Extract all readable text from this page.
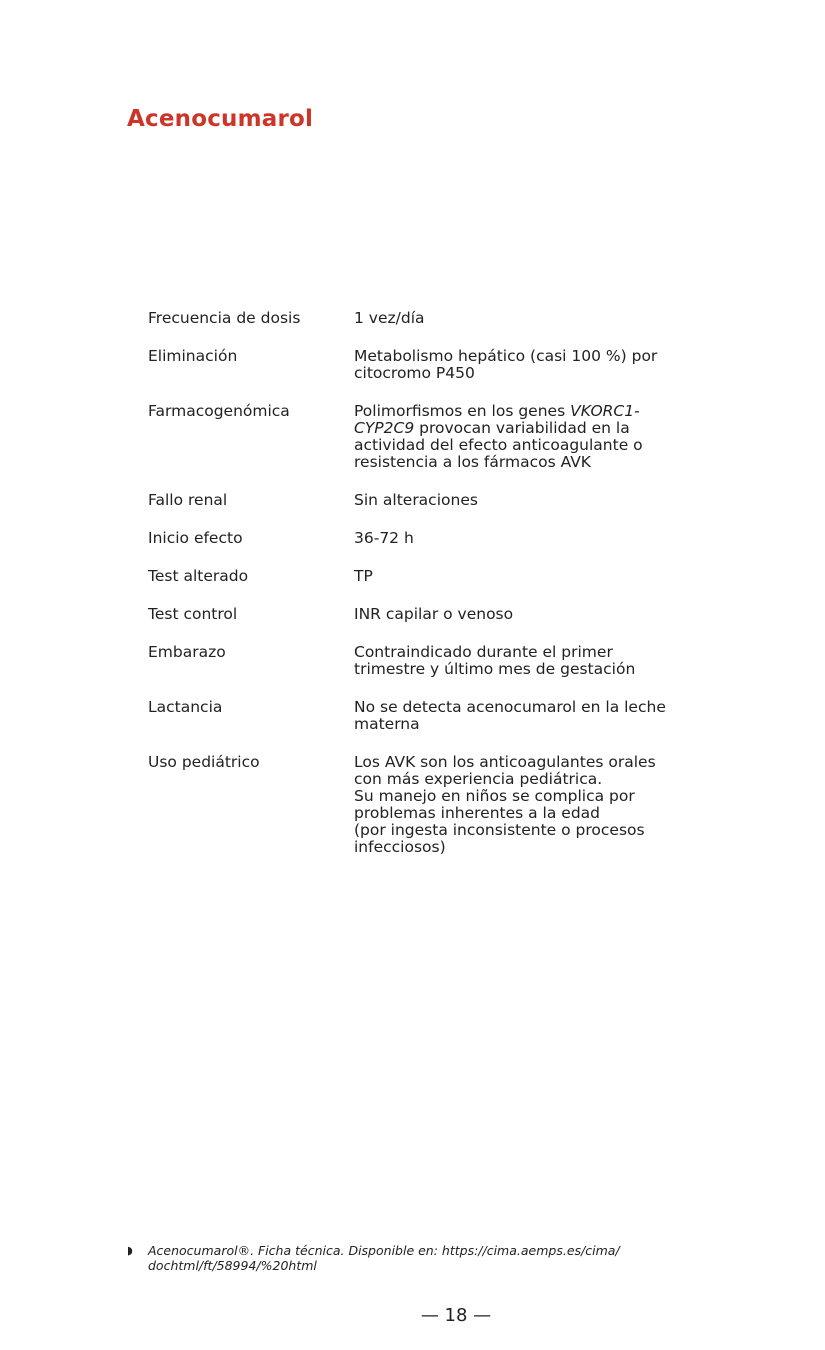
Acenocumarol
Frecuencia de dosis	1 vez/día
Eliminación	Metabolismo hepático (casi 100 %) por
citocromo P450
Farmacogenómica	Polimorfismos en los genes VKORC1-
CYP2C9 provocan variabilidad en la
actividad del efecto anticoagulante o
resistencia a los fármacos AVK
Fallo renal	Sin alteraciones
Inicio efecto	36-72 h
Test alterado	TP
Test control	INR capilar o venoso
Embarazo	Contraindicado durante el primer
trimestre y último mes de gestación
Lactancia	No se detecta acenocumarol en la leche
materna
Uso pediátrico	Los AVK son los anticoagulantes orales
con más experiencia pediátrica.
Su manejo en niños se complica por
problemas inherentes a la edad
(por ingesta inconsistente o procesos
infecciosos)
◗ Acenocumarol®. Ficha técnica. Disponible en: https://cima.aemps.es/cima/
dochtml/ft/58994/%20html
— 18 —
